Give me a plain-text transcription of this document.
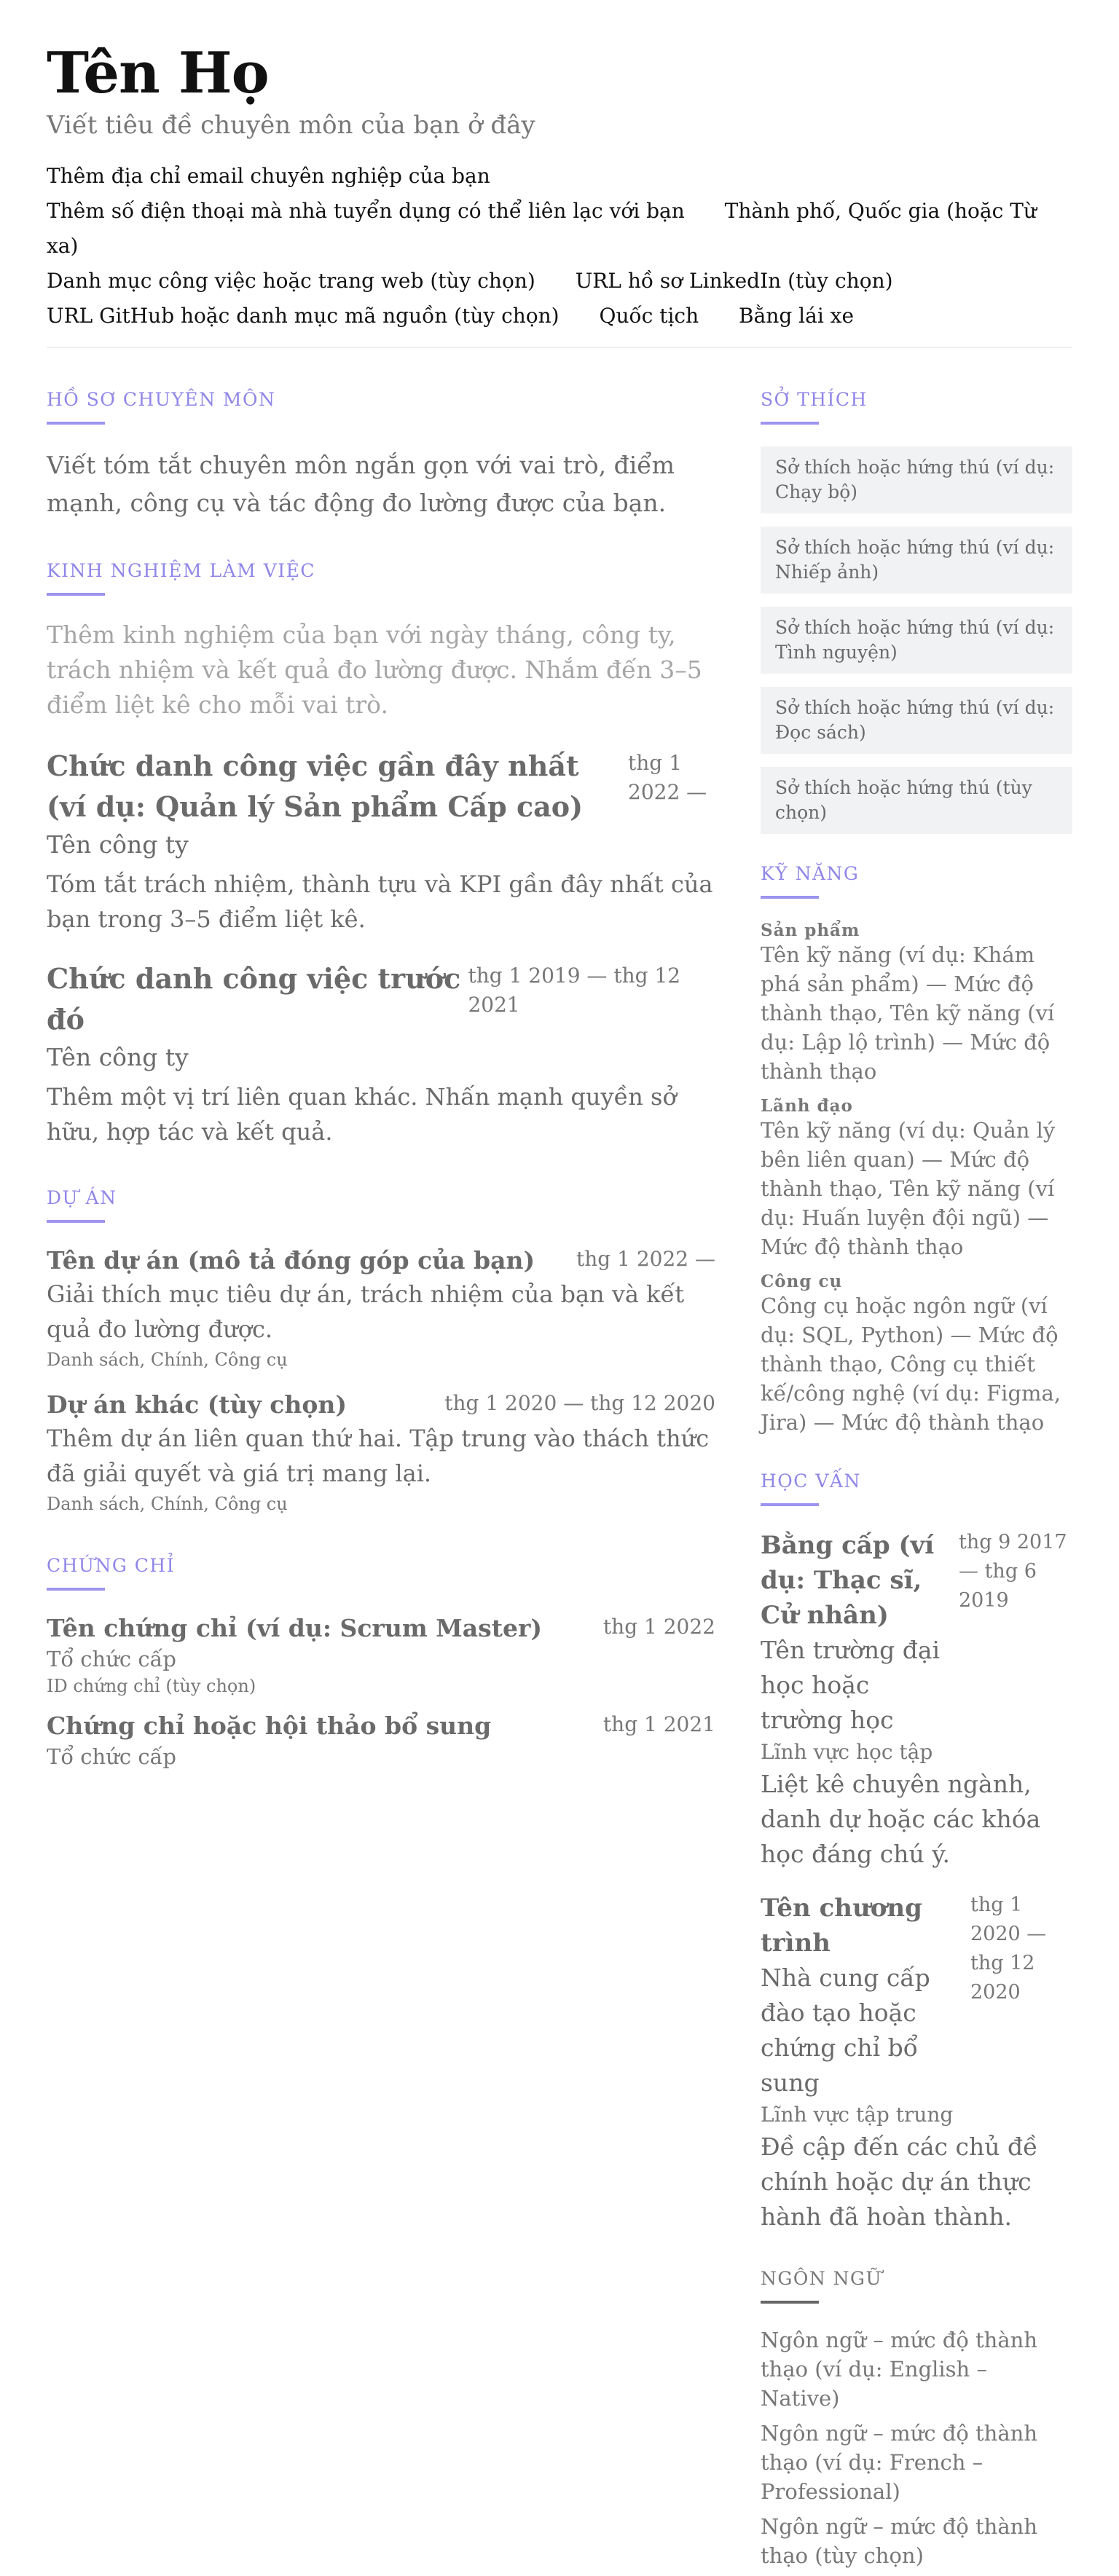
Tên Họ
Viết tiêu đề chuyên môn của bạn ở đây
Thêm địa chỉ email chuyên nghiệp của bạn
Thêm số điện thoại mà nhà tuyển dụng có thể liên lạc với bạn Thành phố, Quốc gia (hoặc Từ xa)
Danh mục công việc hoặc trang web (tùy chọn) URL hồ sơ LinkedIn (tùy chọn)
URL GitHub hoặc danh mục mã nguồn (tùy chọn) Quốc tịch Bằng lái xe
HỒ SƠ CHUYÊN MÔN
Viết tóm tắt chuyên môn ngắn gọn với vai trò, điểm mạnh, công cụ và tác động đo lường được của bạn.
KINH NGHIỆM LÀM VIỆC
Thêm kinh nghiệm của bạn với ngày tháng, công ty, trách nhiệm và kết quả đo lường được. Nhắm đến 3–5 điểm liệt kê cho mỗi vai trò.
Chức danh công việc gần đây nhất (ví dụ: Quản lý Sản phẩm Cấp cao)
thg 1
2022 —
Tên công ty
Tóm tắt trách nhiệm, thành tựu và KPI gần đây nhất của bạn trong 3–5 điểm liệt kê.
Chức danh công việc trước đó
thg 1 2019 — thg 12 2021
Tên công ty
Thêm một vị trí liên quan khác. Nhấn mạnh quyền sở hữu, hợp tác và kết quả.
DỰ ÁN
Tên dự án (mô tả đóng góp của bạn) thg 1 2022 —
Giải thích mục tiêu dự án, trách nhiệm của bạn và kết quả đo lường được.
Danh sách, Chính, Công cụ
Dự án khác (tùy chọn)	thg 1 2020 — thg 12 2020
Thêm dự án liên quan thứ hai. Tập trung vào thách thức đã giải quyết và giá trị mang lại.
Danh sách, Chính, Công cụ
CHỨNG CHỈ
Tên chứng chỉ (ví dụ: Scrum Master)	thg 1 2022
Tổ chức cấp
ID chứng chỉ (tùy chọn)
Chứng chỉ hoặc hội thảo bổ sung	thg 1 2021
Tổ chức cấp
SỞ THÍCH
Sở thích hoặc hứng thú (ví dụ: Chạy bộ)
Sở thích hoặc hứng thú (ví dụ: Nhiếp ảnh)
Sở thích hoặc hứng thú (ví dụ: Tình nguyện)
Sở thích hoặc hứng thú (ví dụ: Đọc sách)
Sở thích hoặc hứng thú (tùy chọn)
KỸ NĂNG
Sản phẩm
Tên kỹ năng (ví dụ: Khám phá sản phẩm) — Mức độ thành thạo, Tên kỹ năng (ví dụ: Lập lộ trình) — Mức độ thành thạo
Lãnh đạo
Tên kỹ năng (ví dụ: Quản lý bên liên quan) — Mức độ thành thạo, Tên kỹ năng (ví dụ: Huấn luyện đội ngũ) — Mức độ thành thạo
Công cụ
Công cụ hoặc ngôn ngữ (ví dụ: SQL, Python) — Mức độ thành thạo, Công cụ thiết kế/công nghệ (ví dụ: Figma, Jira) — Mức độ thành thạo
HỌC VẤN
Bằng cấp (ví dụ: Thạc sĩ, Cử nhân)
thg 9 2017 — thg 6 2019
Tên trường đại học hoặc trường học
Lĩnh vực học tập
Liệt kê chuyên ngành, danh dự hoặc các khóa học đáng chú ý.
Tên chương trình
Nhà cung cấp đào tạo hoặc chứng chỉ bổ sung
thg 1 2020 — thg 12 2020
Lĩnh vực tập trung
Đề cập đến các chủ đề chính hoặc dự án thực hành đã hoàn thành.
NGÔN NGỮ
Ngôn ngữ – mức độ thành thạo (ví dụ: English – Native)
Ngôn ngữ – mức độ thành thạo (ví dụ: French – Professional)
Ngôn ngữ – mức độ thành thạo (tùy chọn)
